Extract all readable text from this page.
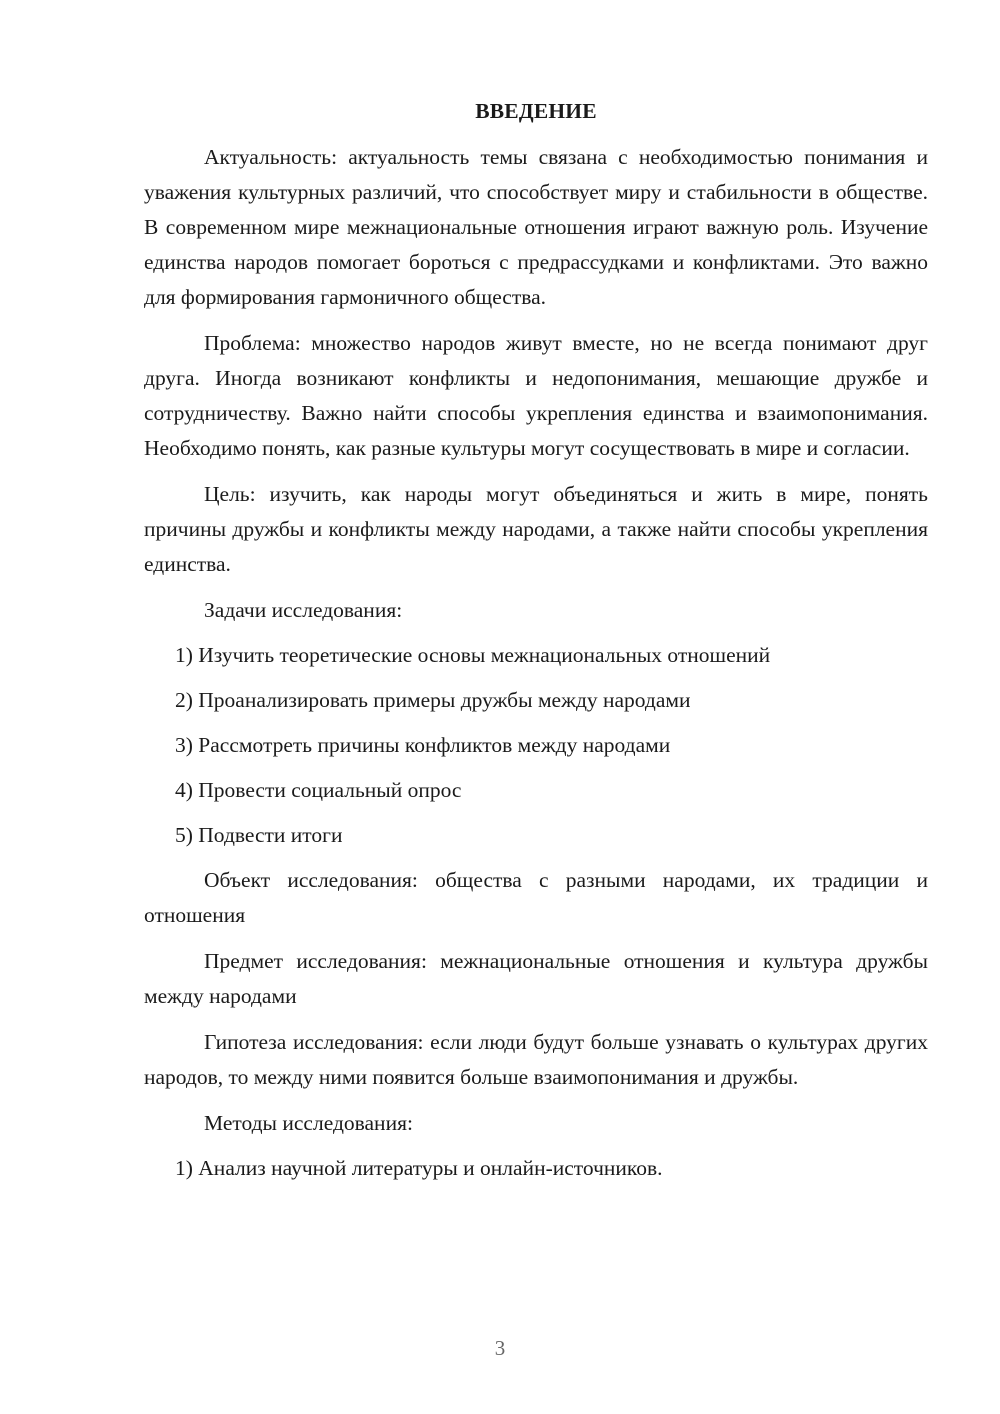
ВВЕДЕНИЕ

Актуальность: актуальность темы связана с необходимостью понимания и уважения культурных различий, что способствует миру и стабильности в обществе. В современном мире межнациональные отношения играют важную роль. Изучение единства народов помогает бороться с предрассудками и конфликтами. Это важно для формирования гармоничного общества.

Проблема: множество народов живут вместе, но не всегда понимают друг друга. Иногда возникают конфликты и недопонимания, мешающие дружбе и сотрудничеству. Важно найти способы укрепления единства и взаимопонимания. Необходимо понять, как разные культуры могут сосуществовать в мире и согласии.

Цель: изучить, как народы могут объединяться и жить в мире, понять причины дружбы и конфликты между народами, а также найти способы укрепления единства.

Задачи исследования:

1) Изучить теоретические основы межнациональных отношений
2) Проанализировать примеры дружбы между народами
3) Рассмотреть причины конфликтов между народами
4) Провести социальный опрос
5) Подвести итоги

Объект исследования: общества с разными народами, их традиции и отношения

Предмет исследования: межнациональные отношения и культура дружбы между народами

Гипотеза исследования: если люди будут больше узнавать о культурах других народов, то между ними появится больше взаимопонимания и дружбы.

Методы исследования:

1) Анализ научной литературы и онлайн-источников.
3
